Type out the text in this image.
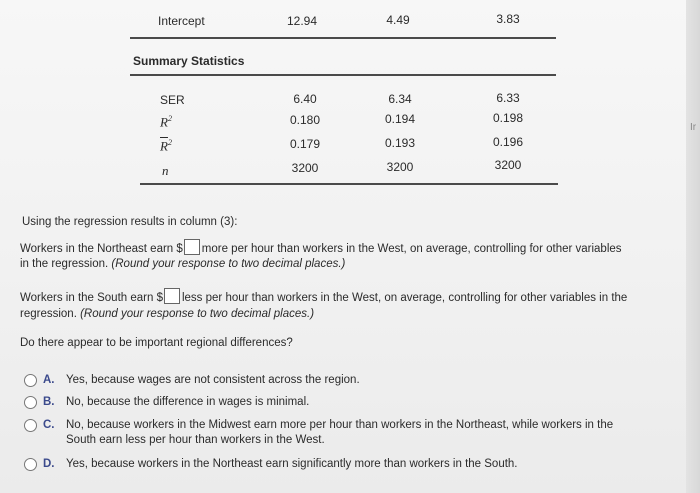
Intercept	12.94	4.49	3.83
Summary Statistics
SER	6.40	6.34	6.33
$R^2$	0.180	0.194	0.198
$\overline{R}^2$	0.179	0.193	0.196
n	3200	3200	3200
Using the regression results in column (3):
Workers in the Northeast earn $ more per hour than workers in the West, on average, controlling for other variables
in the regression. (Round your response to two decimal places.)
Workers in the South earn $ less per hour than workers in the West, on average, controlling for other variables in the
regression. (Round your response to two decimal places.)
Do there appear to be important regional differences?
A. Yes, because wages are not consistent across the region.
B. No, because the difference in wages is minimal.
C. No, because workers in the Midwest earn more per hour than workers in the Northeast, while workers in the
South earn less per hour than workers in the West.
D. Yes, because workers in the Northeast earn significantly more than workers in the South.
Ir
